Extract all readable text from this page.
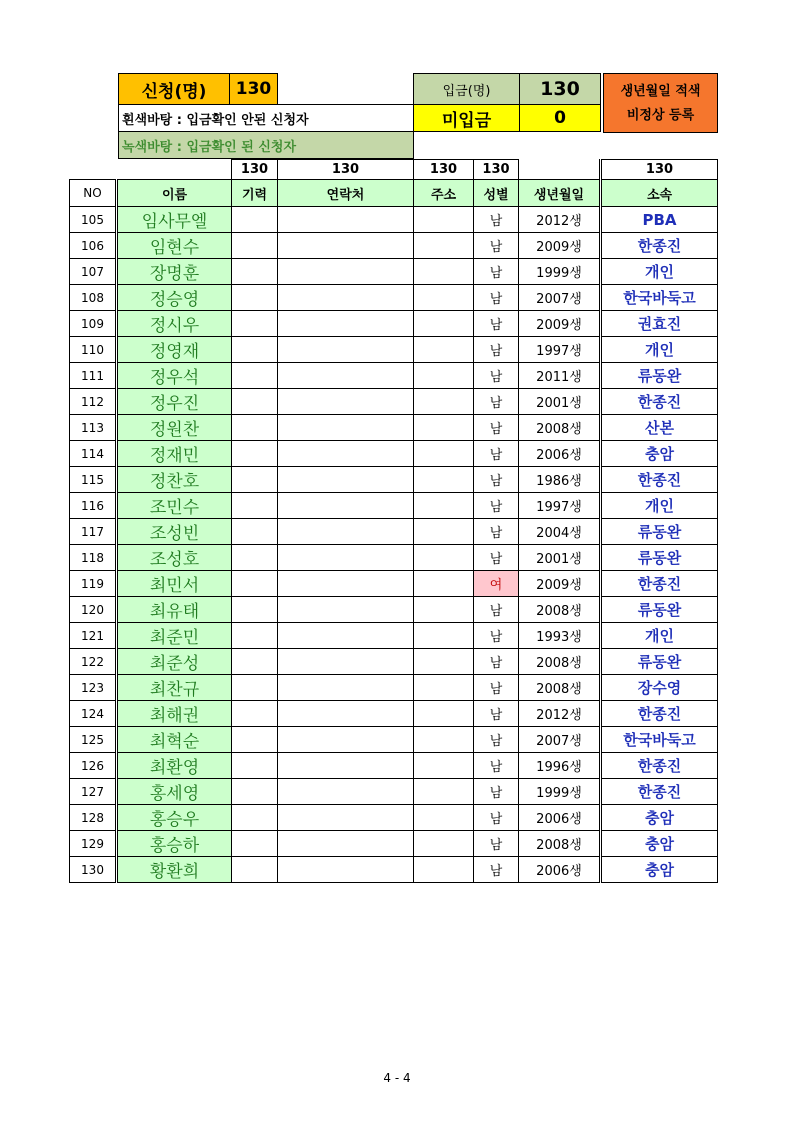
신청(명)	130	입금(명)	130	생년월일 적색
비정상 등록
흰색바탕 : 입금확인 안된 신청자	미입금	0
녹색바탕 : 입금확인 된 신청자
		130	130	130	130		130
NO	이름	기력	연락처	주소	성별	생년월일	소속
105	임사무엘				남	2012생	PBA
106	임현수				남	2009생	한종진
107	장명훈				남	1999생	개인
108	정승영				남	2007생	한국바둑고
109	정시우				남	2009생	권효진
110	정영재				남	1997생	개인
111	정우석				남	2011생	류동완
112	정우진				남	2001생	한종진
113	정원찬				남	2008생	산본
114	정재민				남	2006생	충암
115	정찬호				남	1986생	한종진
116	조민수				남	1997생	개인
117	조성빈				남	2004생	류동완
118	조성호				남	2001생	류동완
119	최민서				여	2009생	한종진
120	최유태				남	2008생	류동완
121	최준민				남	1993생	개인
122	최준성				남	2008생	류동완
123	최찬규				남	2008생	장수영
124	최해권				남	2012생	한종진
125	최혁순				남	2007생	한국바둑고
126	최환영				남	1996생	한종진
127	홍세영				남	1999생	한종진
128	홍승우				남	2006생	충암
129	홍승하				남	2008생	충암
130	황환희				남	2006생	충암
4 - 4
